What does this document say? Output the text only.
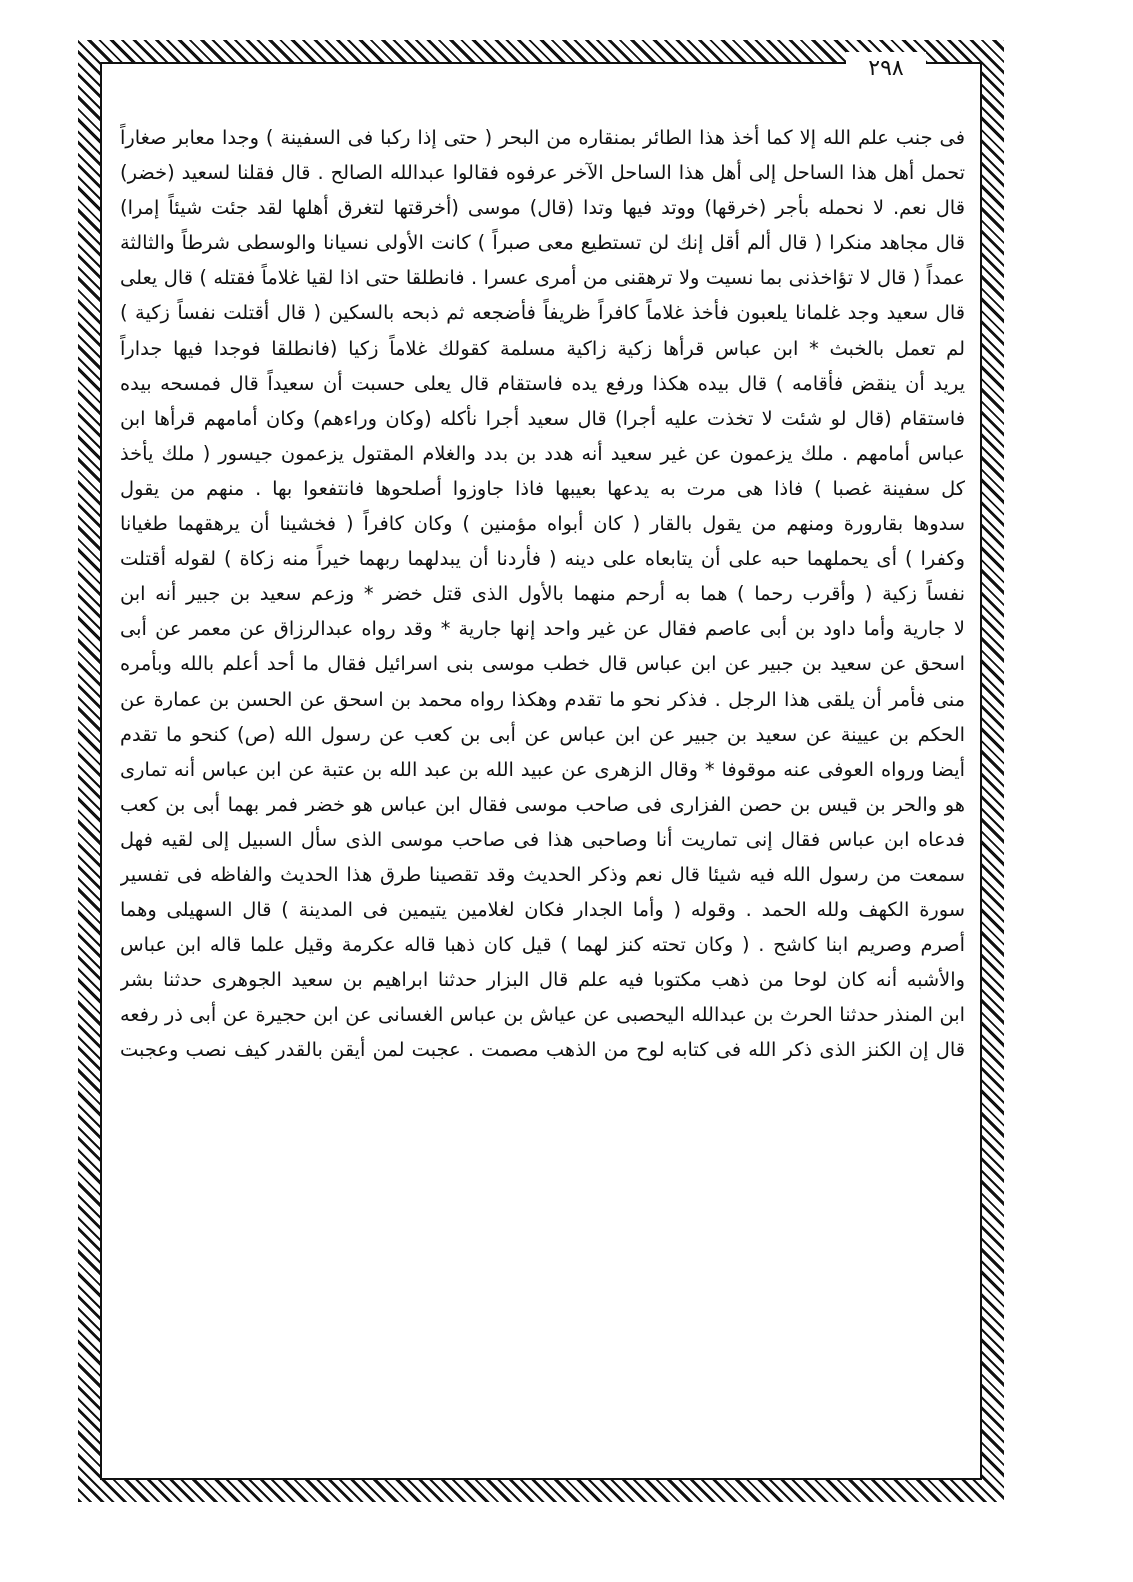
٢٩٨
فى جنب علم الله إلا كما أخذ هذا الطائر بمنقاره من البحر ( حتى إذا ركبا فى السفينة ) وجدا معابر صغاراً
تحمل أهل هذا الساحل إلى أهل هذا الساحل الآخر عرفوه فقالوا عبدالله الصالح . قال فقلنا لسعيد (خضر)
قال نعم. لا نحمله بأجر (خرقها) ووتد فيها وتدا (قال) موسى (أخرقتها لتغرق أهلها لقد جئت شيئاً إمرا)
قال مجاهد منكرا ( قال ألم أقل إنك لن تستطيع معى صبراً ) كانت الأولى نسيانا والوسطى شرطاً والثالثة
عمداً ( قال لا تؤاخذنى بما نسيت ولا ترهقنى من أمرى عسرا . فانطلقا حتى اذا لقيا غلاماً فقتله ) قال يعلى
قال سعيد وجد غلمانا يلعبون فأخذ غلاماً كافراً ظريفاً فأضجعه ثم ذبحه بالسكين ( قال أقتلت نفساً زكية )
لم تعمل بالخبث * ابن عباس قرأها زكية زاكية مسلمة كقولك غلاماً زكيا (فانطلقا فوجدا فيها جداراً
يريد أن ينقض فأقامه ) قال بيده هكذا ورفع يده فاستقام قال يعلى حسبت أن سعيداً قال فمسحه بيده
فاستقام (قال لو شئت لا تخذت عليه أجرا) قال سعيد أجرا نأكله (وكان وراءهم) وكان أمامهم قرأها ابن
عباس أمامهم . ملك يزعمون عن غير سعيد أنه هدد بن بدد والغلام المقتول يزعمون جيسور ( ملك يأخذ
كل سفينة غصبا ) فاذا هى مرت به يدعها بعيبها فاذا جاوزوا أصلحوها فانتفعوا بها . منهم من يقول
سدوها بقارورة ومنهم من يقول بالقار ( كان أبواه مؤمنين ) وكان كافراً ( فخشينا أن يرهقهما طغيانا
وكفرا ) أى يحملهما حبه على أن يتابعاه على دينه ( فأردنا أن يبدلهما ربهما خيراً منه زكاة ) لقوله أقتلت
نفساً زكية ( وأقرب رحما ) هما به أرحم منهما بالأول الذى قتل خضر * وزعم سعيد بن جبير أنه ابن
لا جارية وأما داود بن أبى عاصم فقال عن غير واحد إنها جارية * وقد رواه عبدالرزاق عن معمر عن أبى
اسحق عن سعيد بن جبير عن ابن عباس قال خطب موسى بنى اسرائيل فقال ما أحد أعلم بالله وبأمره
منى فأمر أن يلقى هذا الرجل . فذكر نحو ما تقدم وهكذا رواه محمد بن اسحق عن الحسن بن عمارة عن
الحكم بن عيينة عن سعيد بن جبير عن ابن عباس عن أبى بن كعب عن رسول الله (ص) كنحو ما تقدم
أيضا ورواه العوفى عنه موقوفا * وقال الزهرى عن عبيد الله بن عبد الله بن عتبة عن ابن عباس أنه تمارى
هو والحر بن قيس بن حصن الفزارى فى صاحب موسى فقال ابن عباس هو خضر فمر بهما أبى بن كعب
فدعاه ابن عباس فقال إنى تماريت أنا وصاحبى هذا فى صاحب موسى الذى سأل السبيل إلى لقيه فهل
سمعت من رسول الله فيه شيئا قال نعم وذكر الحديث وقد تقصينا طرق هذا الحديث والفاظه فى تفسير
سورة الكهف ولله الحمد . وقوله ( وأما الجدار فكان لغلامين يتيمين فى المدينة ) قال السهيلى وهما
أصرم وصريم ابنا كاشح . ( وكان تحته كنز لهما ) قيل كان ذهبا قاله عكرمة وقيل علما قاله ابن عباس
والأشبه أنه كان لوحا من ذهب مكتوبا فيه علم قال البزار حدثنا ابراهيم بن سعيد الجوهرى حدثنا بشر
ابن المنذر حدثنا الحرث بن عبدالله اليحصبى عن عياش بن عباس الغسانى عن ابن حجيرة عن أبى ذر رفعه
قال إن الكنز الذى ذكر الله فى كتابه لوح من الذهب مصمت . عجبت لمن أيقن بالقدر كيف نصب وعجبت
